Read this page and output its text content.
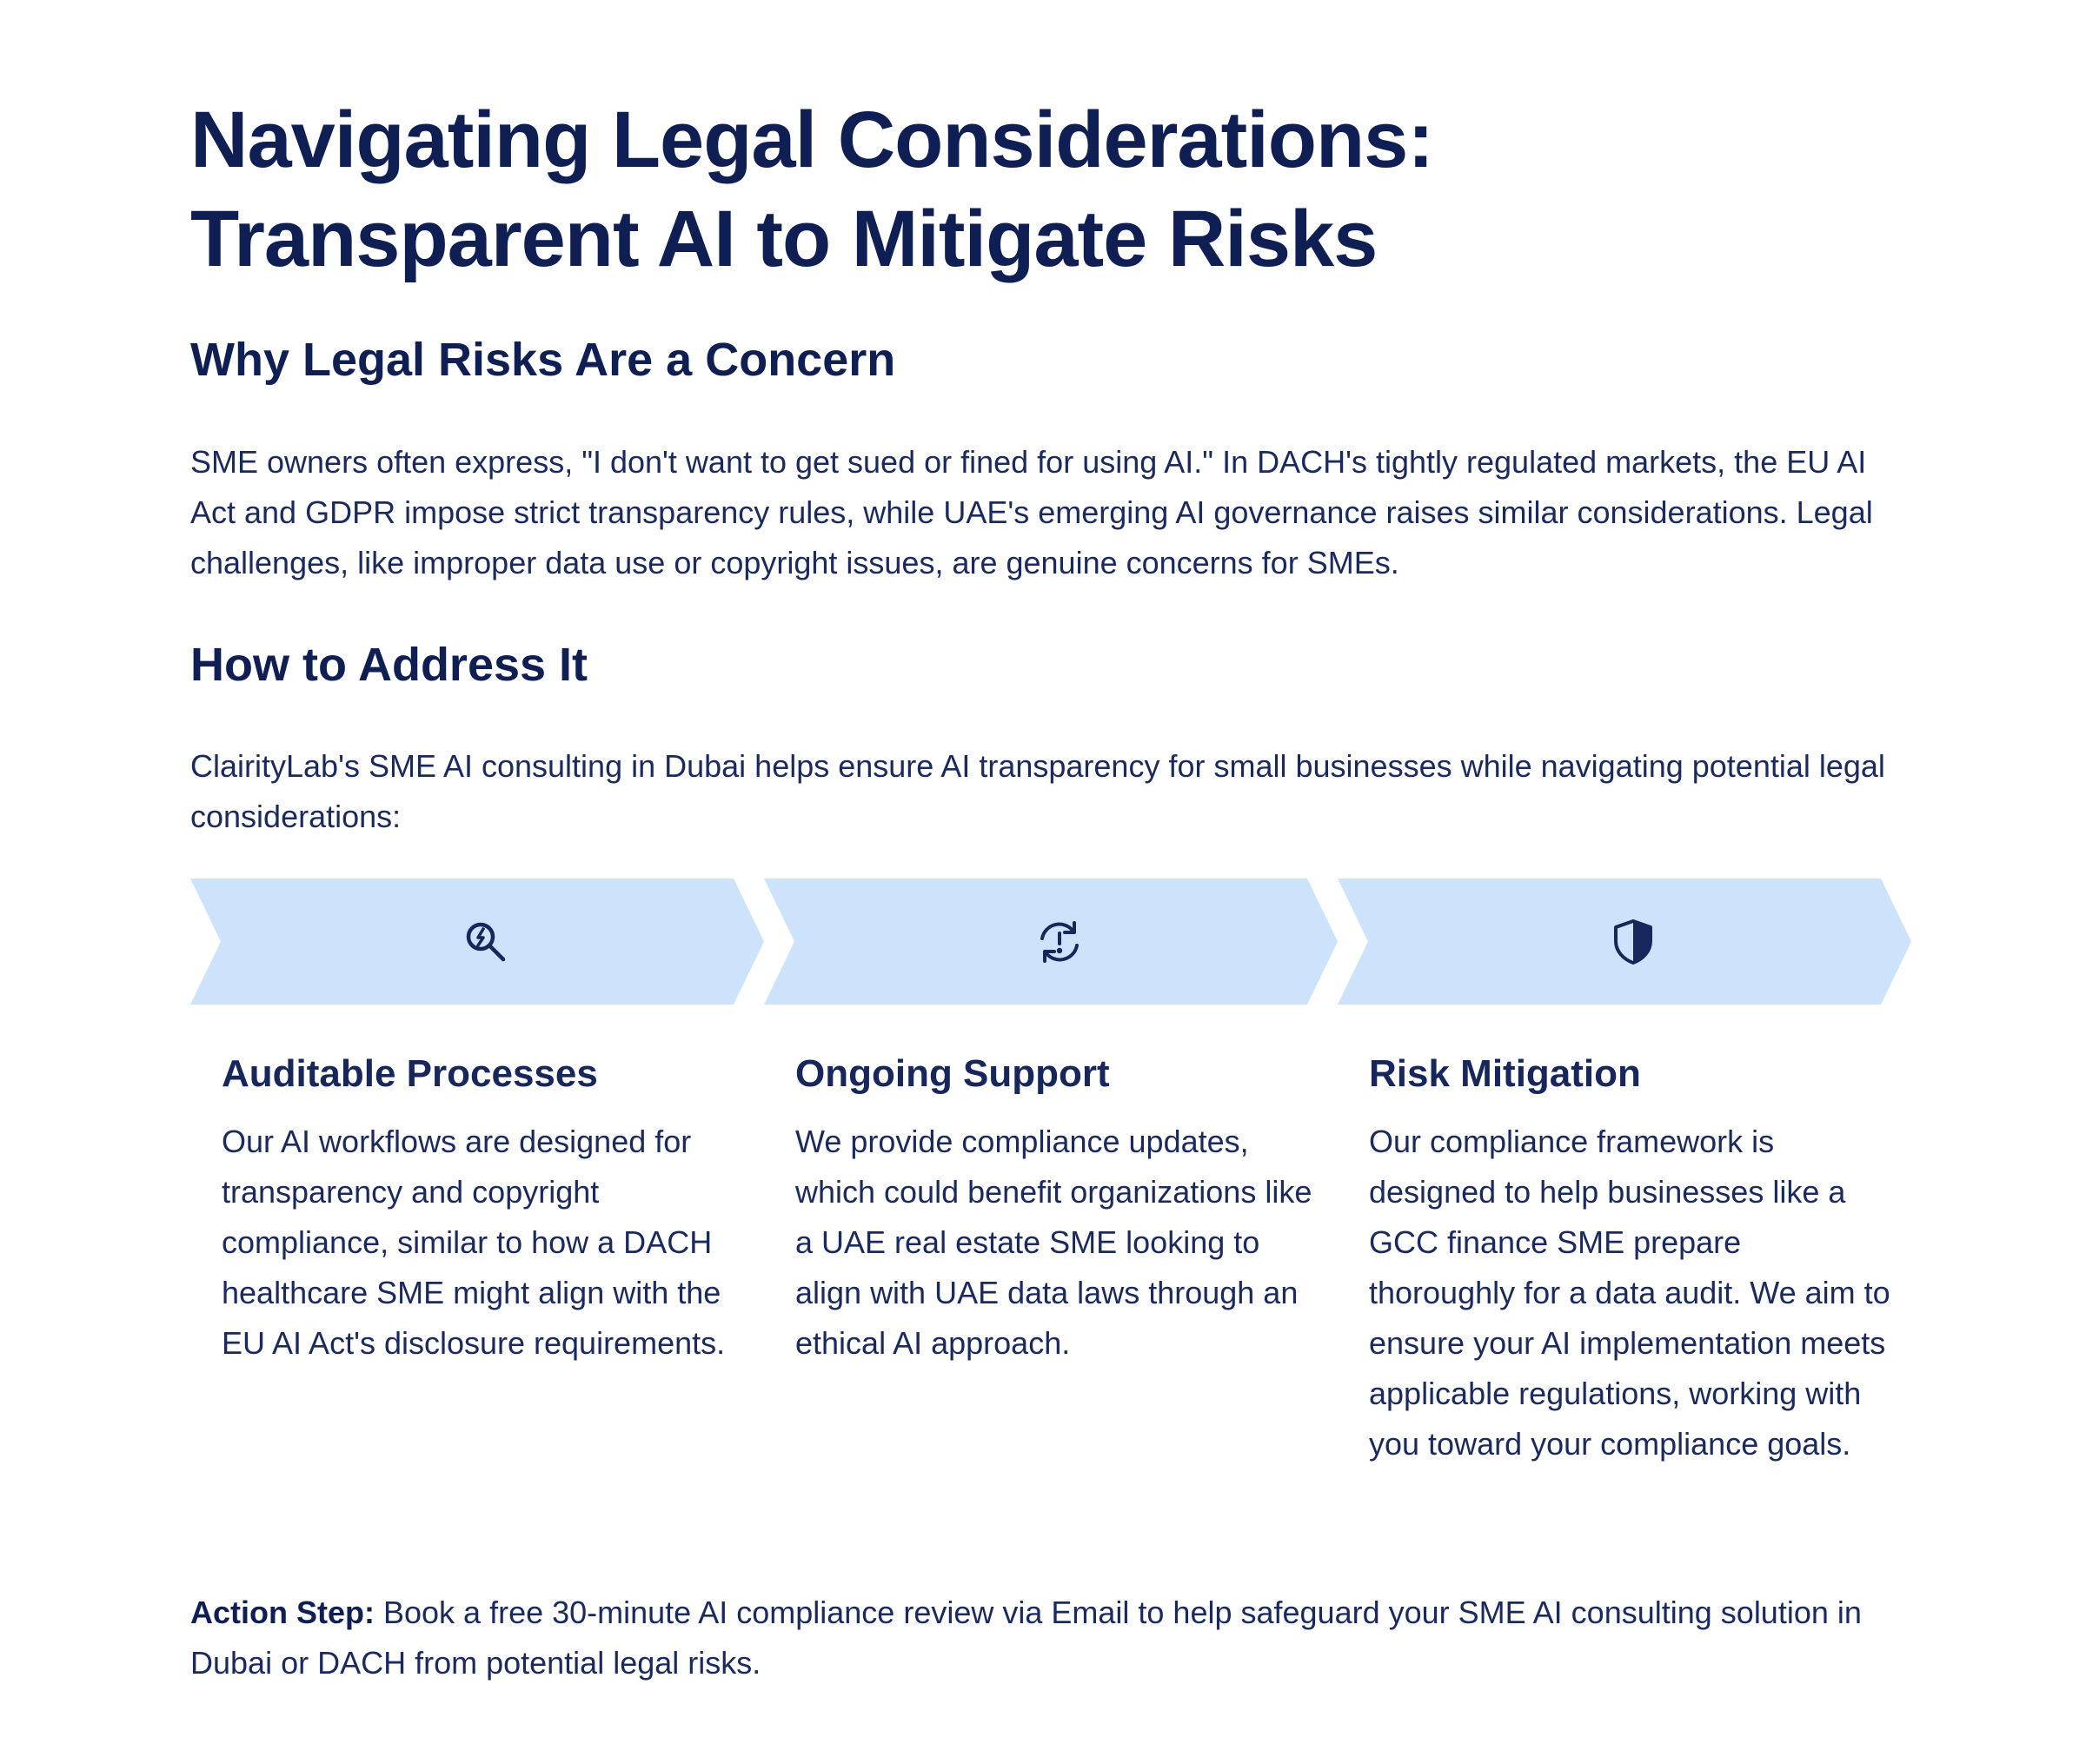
Navigating Legal Considerations:
Transparent AI to Mitigate Risks
Why Legal Risks Are a Concern

SME owners often express, "I don't want to get sued or fined for using AI." In DACH's tightly regulated markets, the EU AI Act and GDPR impose strict transparency rules, while UAE's emerging AI governance raises similar considerations. Legal challenges, like improper data use or copyright issues, are genuine concerns for SMEs.

How to Address It

ClairityLab's SME AI consulting in Dubai helps ensure AI transparency for small businesses while navigating potential legal considerations:

Auditable Processes

Our AI workflows are designed for transparency and copyright compliance, similar to how a DACH healthcare SME might align with the EU AI Act's disclosure requirements.

Ongoing Support

We provide compliance updates, which could benefit organizations like a UAE real estate SME looking to align with UAE data laws through an ethical AI approach.

Risk Mitigation

Our compliance framework is designed to help businesses like a GCC finance SME prepare thoroughly for a data audit. We aim to ensure your AI implementation meets applicable regulations, working with you toward your compliance goals.

Action Step: Book a free 30-minute AI compliance review via Email to help safeguard your SME AI consulting solution in Dubai or DACH from potential legal risks.
